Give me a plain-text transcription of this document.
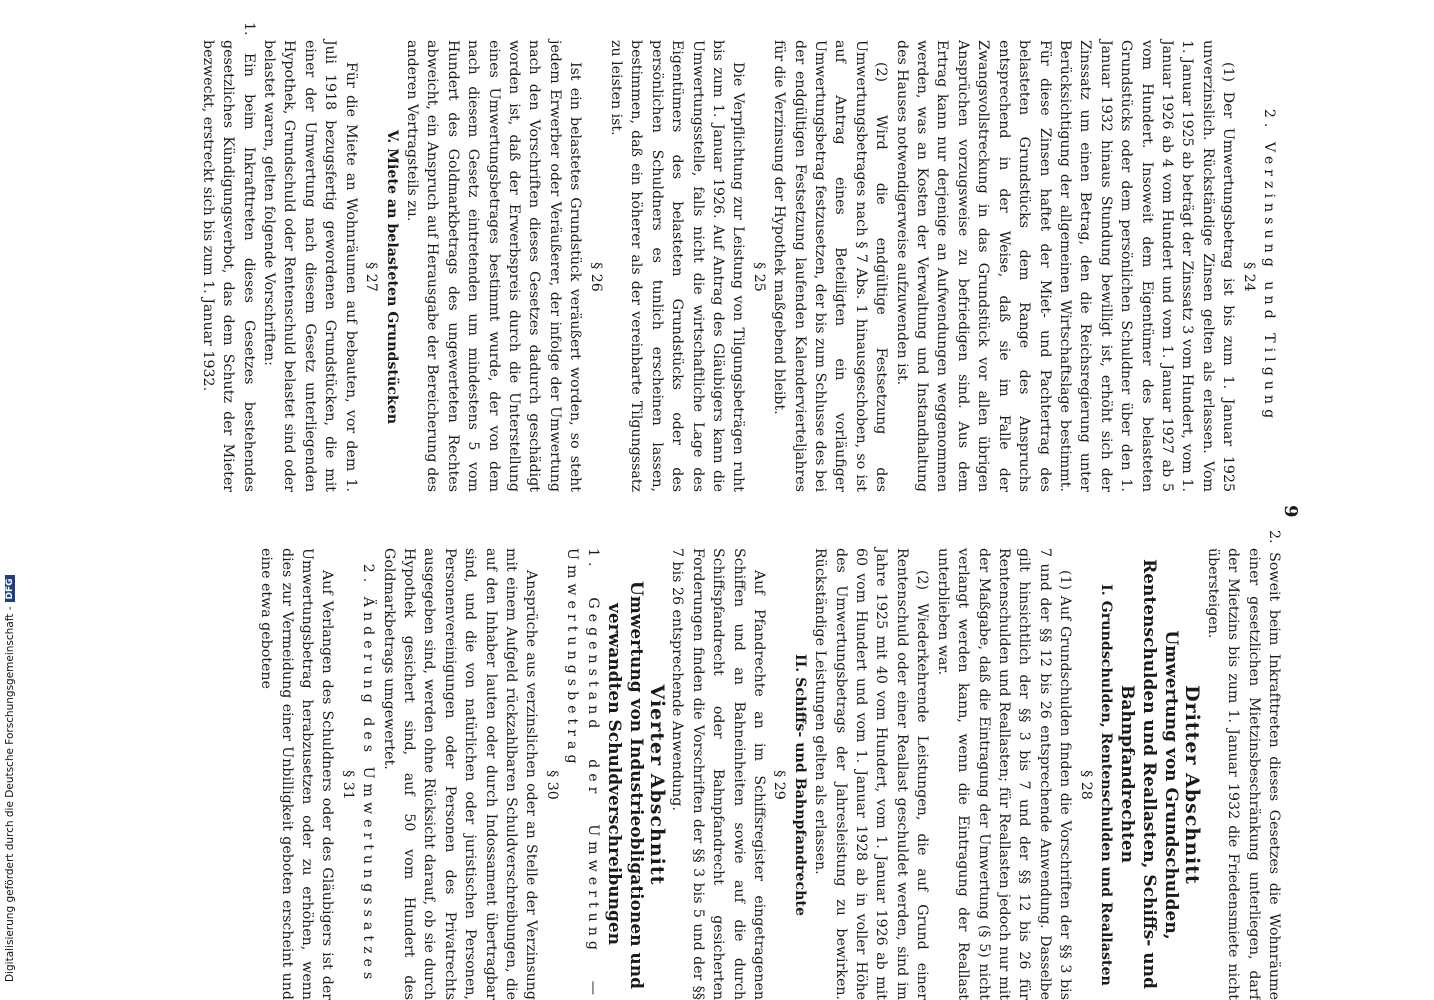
9

2. Verzinsung und Tilgung

§ 24

(1) Der Umwertungsbetrag ist bis zum 1. Januar 1925 unverzinslich. Rückständige Zinsen gelten als erlassen. Vom 1. Januar 1925 ab beträgt der Zinssatz 3 vom Hundert, vom 1. Januar 1926 ab 4 vom Hundert und vom 1. Januar 1927 ab 5 vom Hundert. Insoweit dem Eigentümer des belasteten Grundstücks oder dem persönlichen Schuldner über den 1. Januar 1932 hinaus Stundung bewilligt ist, erhöht sich der Zinssatz um einen Betrag, den die Reichsregierung unter Berücksichtigung der allgemeinen Wirtschaftslage bestimmt. Für diese Zinsen haftet der Miet- und Pachtertrag des belasteten Grundstücks dem Range des Anspruchs entsprechend in der Weise, daß sie im Falle der Zwangsvollstreckung in das Grundstück vor allen übrigen Ansprüchen vorzugsweise zu befriedigen sind. Aus dem Ertrag kann nur derjenige an Aufwendungen weggenommen werden, was an Kosten der Verwaltung und Instandhaltung des Hauses notwendigerweise aufzuwenden ist.

(2) Wird die endgültige Festsetzung des Umwertungsbetrages nach § 7 Abs. 1 hinausgeschoben, so ist auf Antrag eines Beteiligten ein vorläufiger Umwertungsbetrag festzusetzen, der bis zum Schlusse des bei der endgültigen Festsetzung laufenden Kalendervierteljahres für die Verzinsung der Hypothek maßgebend bleibt.

§ 25

Die Verpflichtung zur Leistung von Tilgungsbeträgen ruht bis zum 1. Januar 1926. Auf Antrag des Gläubigers kann die Umwertungsstelle, falls nicht die wirtschaftliche Lage des Eigentümers des belasteten Grundstücks oder des persönlichen Schuldners es tunlich erscheinen lassen, bestimmen, daß ein höherer als der vereinbarte Tilgungssatz zu leisten ist.

§ 26

Ist ein belastetes Grundstück veräußert worden, so steht jedem Erwerber oder Veräußerer, der infolge der Umwertung nach den Vorschriften dieses Gesetzes dadurch geschädigt worden ist, daß der Erwerbspreis durch die Unterstellung eines Umwertungsbetrages bestimmt wurde, der von dem nach diesem Gesetz eintretenden um mindestens 5 vom Hundert des Goldmarkbetrags des ungewerteten Rechtes abweicht, ein Anspruch auf Herausgabe der Bereicherung des anderen Vertragsteils zu.

V. Miete an belasteten Grundstücken

§ 27

Für die Miete an Wohnräumen auf bebauten, vor dem 1. Juli 1918 bezugsfertig gewordenen Grundstücken, die mit einer der Umwertung nach diesem Gesetz unterliegenden Hypothek, Grundschuld oder Rentenschuld belastet sind oder belastet waren, gelten folgende Vorschriften:

1. Ein beim Inkrafttreten dieses Gesetzes bestehendes gesetzliches Kündigungsverbot, das dem Schutz der Mieter bezweckt, erstreckt sich bis zum 1. Januar 1932.

2. Soweit beim Inkrafttreten dieses Gesetzes die Wohnräume einer gesetzlichen Mietzinsbeschränkung unterliegen, darf der Mietzins bis zum 1. Januar 1932 die Friedensmiete nicht übersteigen.

Dritter Abschnitt

Umwertung von Grundschulden, Rentenschulden und Reallasten, Schiffs- und Bahnpfandrechten

I. Grundschulden, Rentenschulden und Reallasten

§ 28

(1) Auf Grundschulden finden die Vorschriften der §§ 3 bis 7 und der §§ 12 bis 26 entsprechende Anwendung. Dasselbe gilt hinsichtlich der §§ 3 bis 7 und der §§ 12 bis 26 für Rentenschulden und Reallasten; für Reallasten jedoch nur mit der Maßgabe, daß die Eintragung der Umwertung (§ 5) nicht verlangt werden kann, wenn die Eintragung der Reallast unterblieben war.

(2) Wiederkehrende Leistungen, die auf Grund einer Rentenschuld oder einer Reallast geschuldet werden, sind im Jahre 1925 mit 40 vom Hundert, vom 1. Januar 1926 ab mit 60 vom Hundert und vom 1. Januar 1928 ab in voller Höhe des Umwertungsbetrags der Jahresleistung zu bewirken. Rückständige Leistungen gelten als erlassen.

II. Schiffs- und Bahnpfandrechte

§ 29

Auf Pfandrechte an im Schiffsregister eingetragenen Schiffen und an Bahneinheiten sowie auf die durch Schiffspfandrecht oder Bahnpfandrecht gesicherten Forderungen finden die Vorschriften der §§ 3 bis 5 und der §§ 7 bis 26 entsprechende Anwendung.

Vierter Abschnitt

Umwertung von Industrieobligationen und verwandten Schuldverschreibungen

1. Gegenstand der Umwertung — Umwertungsbetrag

§ 30

Ansprüche aus verzinslichen oder an Stelle der Verzinsung mit einem Aufgeld rückzahlbaren Schuldverschreibungen, die auf den Inhaber lauten oder durch Indossament übertragbar sind, und die von natürlichen oder juristischen Personen, Personenvereinigungen oder Personen des Privatrechts ausgegeben sind, werden ohne Rücksicht darauf, ob sie durch Hypothek gesichert sind, auf 50 vom Hundert des Goldmarkbetrags umgewertet.

2. Änderung des Umwertungssatzes

§ 31

Auf Verlangen des Schuldners oder des Gläubigers ist der Umwertungsbetrag herabzusetzen oder zu erhöhen, wenn dies zur Vermeidung einer Unbilligkeit geboten erscheint und eine etwa gebotene

Digitalisierung gefördert durch die Deutsche Forschungsgemeinschaft -DFG
